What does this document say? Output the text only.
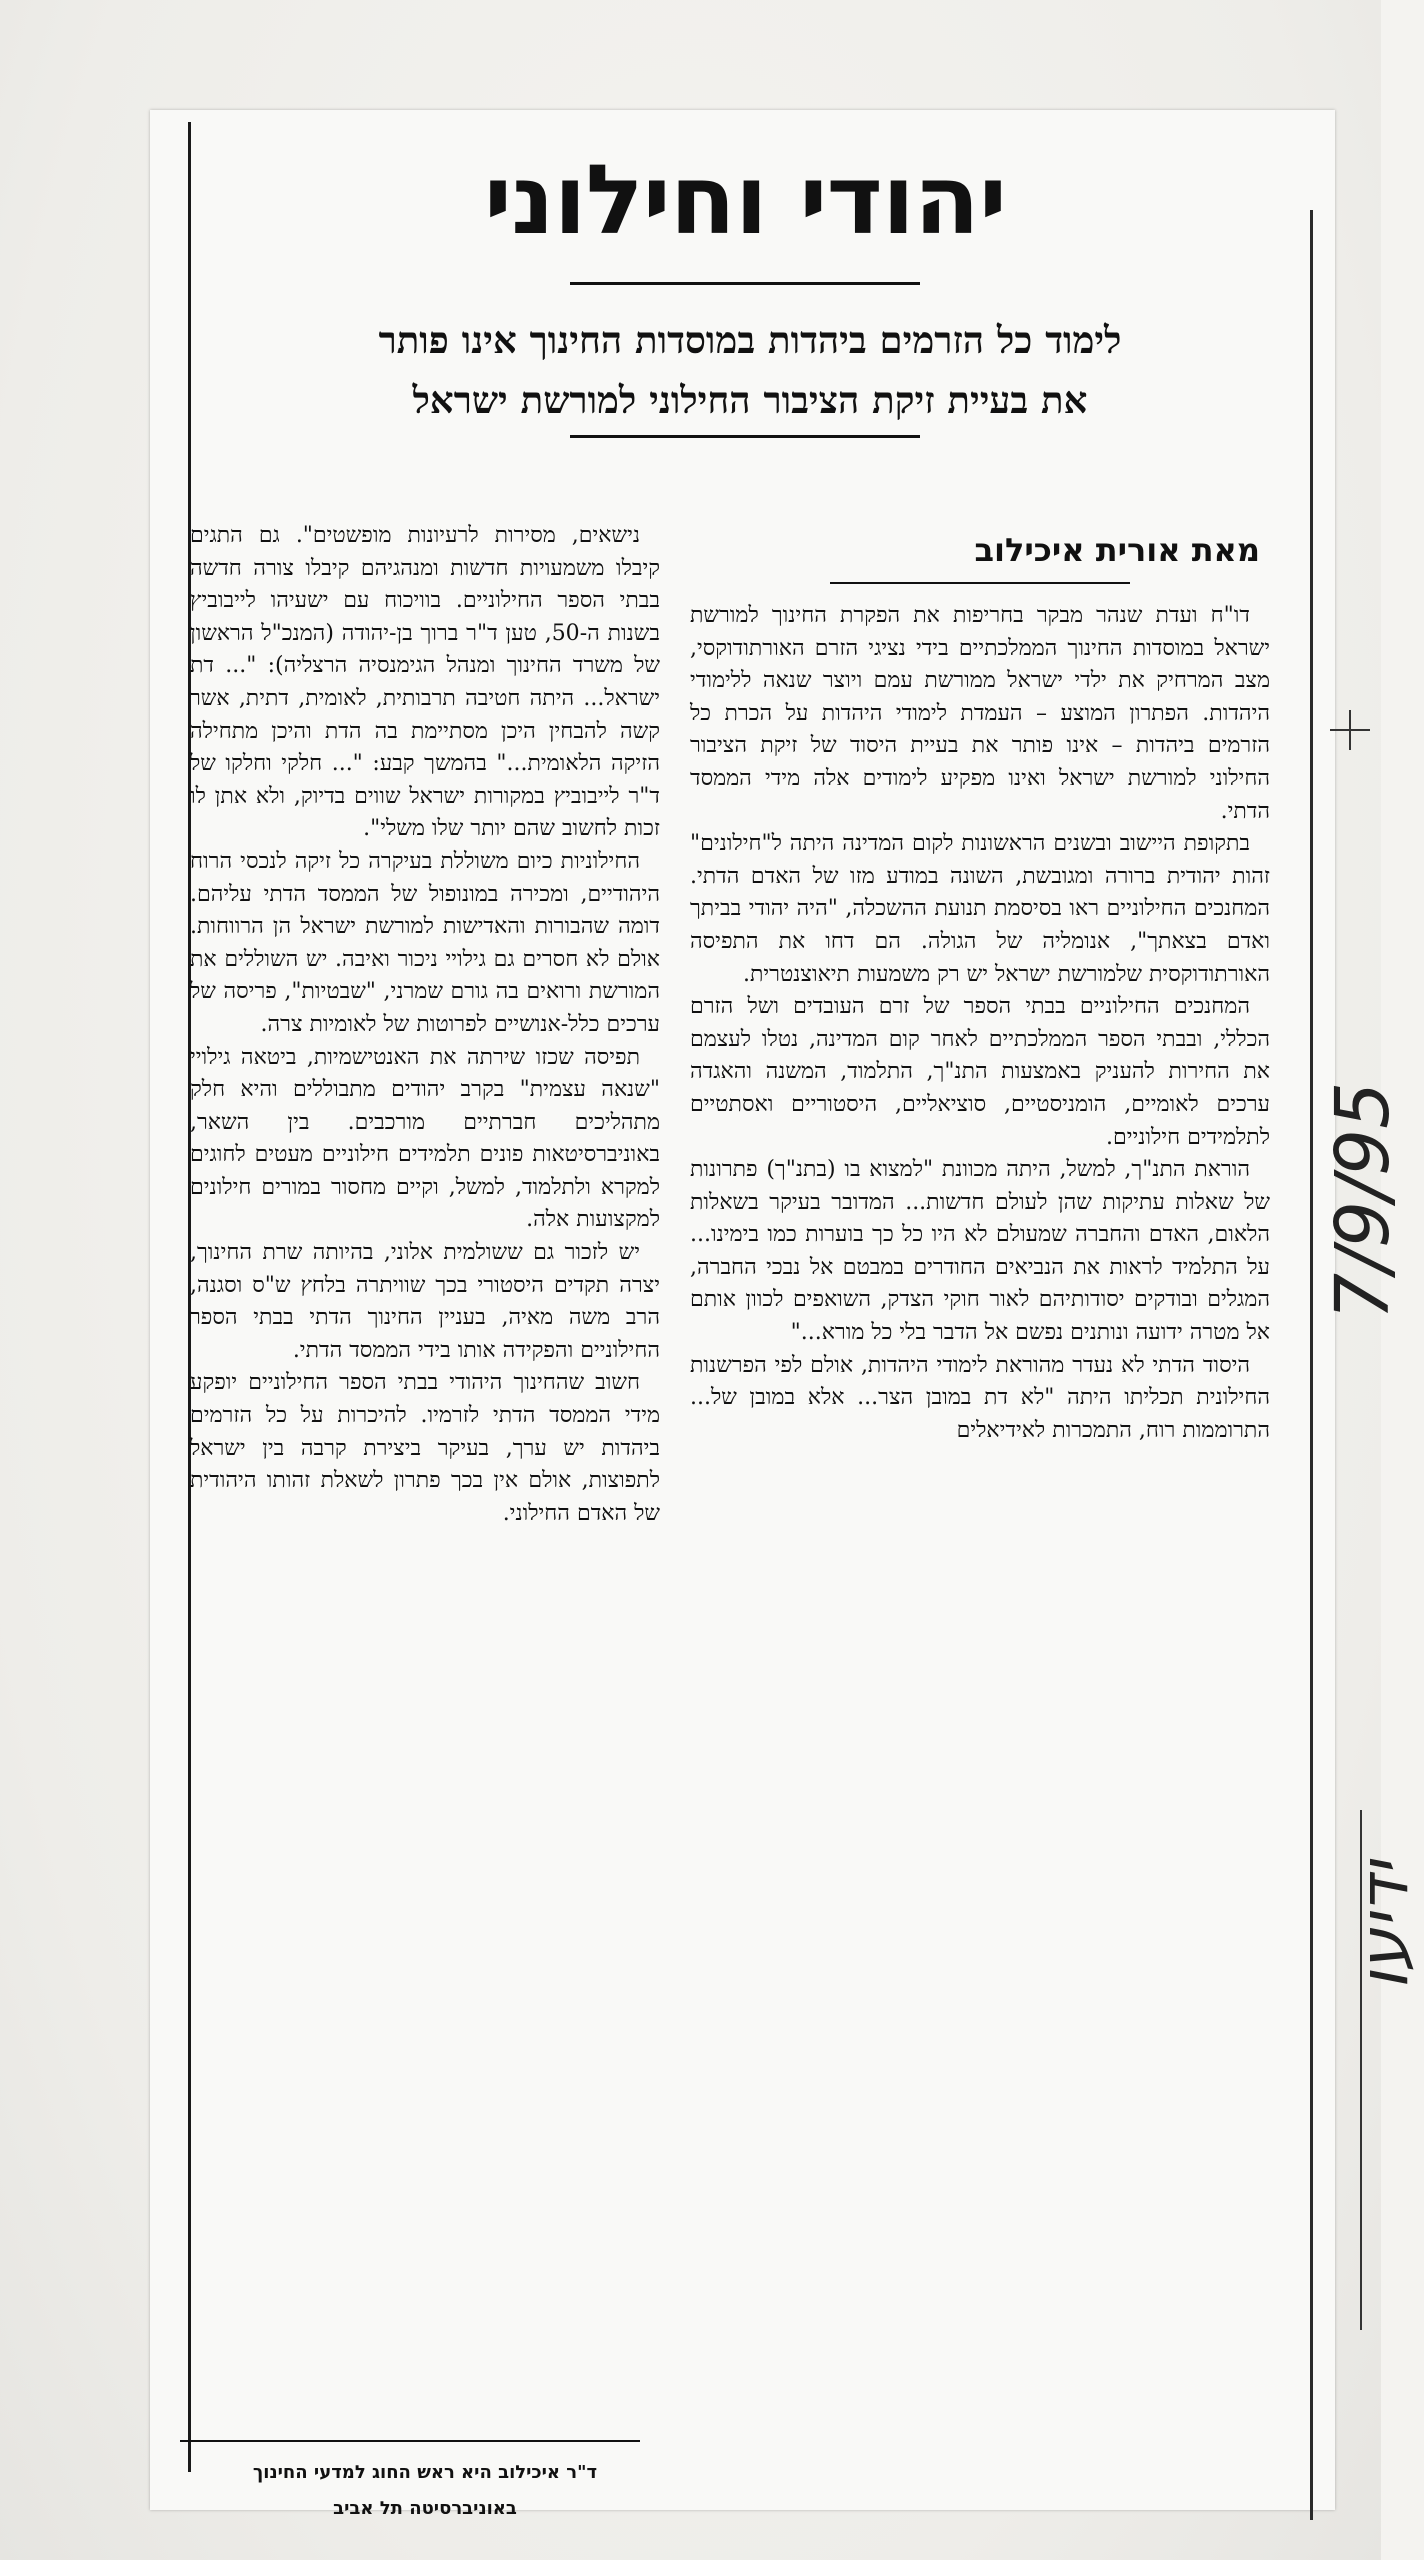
יהודי וחילוני
לימוד כל הזרמים ביהדות במוסדות החינוך אינו פותר
את בעיית זיקת הציבור החילוני למורשת ישראל
מאת אורית איכילוב

דו"ח ועדת שנהר מבקר בחריפות את הפקרת החינוך למורשת ישראל במוסדות החינוך הממלכתיים בידי נציגי הזרם האורתודוקסי, מצב המרחיק את ילדי ישראל ממורשת עמם ויוצר שנאה ללימודי היהדות. הפתרון המוצע – העמדת לימודי היהדות על הכרת כל הזרמים ביהדות – אינו פותר את בעיית היסוד של זיקת הציבור החילוני למורשת ישראל ואינו מפקיע לימודים אלה מידי הממסד הדתי.

בתקופת היישוב ובשנים הראשונות לקום המדינה היתה ל"חילונים" זהות יהודית ברורה ומגובשת, השונה במודע מזו של האדם הדתי. המחנכים החילוניים ראו בסיסמת תנועת ההשכלה, "היה יהודי בביתך ואדם בצאתך", אנומליה של הגולה. הם דחו את התפיסה האורתודוקסית שלמורשת ישראל יש רק משמעות תיאוצנטרית.

המחנכים החילוניים בבתי הספר של זרם העובדים ושל הזרם הכללי, ובבתי הספר הממלכתיים לאחר קום המדינה, נטלו לעצמם את החירות להעניק באמצעות התנ"ך, התלמוד, המשנה והאגדה ערכים לאומיים, הומניסטיים, סוציאליים, היסטוריים ואסתטיים לתלמידים חילוניים.

הוראת התנ"ך, למשל, היתה מכוונת "למצוא בו (בתנ"ך) פתרונות של שאלות עתיקות שהן לעולם חדשות... המדובר בעיקר בשאלות הלאום, האדם והחברה שמעולם לא היו כל כך בוערות כמו בימינו... על התלמיד לראות את הנביאים החודרים במבטם אל נבכי החברה, המגלים ובודקים יסודותיהם לאור חוקי הצדק, השואפים לכוון אותם אל מטרה ידועה ונותנים נפשם אל הדבר בלי כל מורא..."

היסוד הדתי לא נעדר מהוראת לימודי היהדות, אולם לפי הפרשנות החילונית תכליתו היתה "לא דת במובן הצר... אלא במובן של... התרוממות רוח, התמכרות לאידיאלים

נישאים, מסירות לרעיונות מופשטים". גם התגים קיבלו משמעויות חדשות ומנהגיהם קיבלו צורה חדשה בבתי הספר החילוניים. בוויכוח עם ישעיהו לייבוביץ בשנות ה-50, טען ד"ר ברוך בן-יהודה (המנכ"ל הראשון של משרד החינוך ומנהל הגימנסיה הרצליה): "... דת ישראל... היתה חטיבה תרבותית, לאומית, דתית, אשר קשה להבחין היכן מסתיימת בה הדת והיכן מתחילה הזיקה הלאומית..." בהמשך קבע: "... חלקי וחלקו של ד"ר לייבוביץ במקורות ישראל שווים בדיוק, ולא אתן לו זכות לחשוב שהם יותר שלו משלי".

החילוניות כיום משוללת בעיקרה כל זיקה לנכסי הרוח היהודיים, ומכירה במונופול של הממסד הדתי עליהם. דומה שהבורות והאדישות למורשת ישראל הן הרווחות. אולם לא חסרים גם גילויי ניכור ואיבה. יש השוללים את המורשת ורואים בה גורם שמרני, "שבטיות", פריסה של ערכים כלל-אנושיים לפרוטות של לאומיות צרה.

תפיסה שכזו שירתה את האנטישמיות, ביטאה גילויי "שנאה עצמית" בקרב יהודים מתבוללים והיא חלק מתהליכים חברתיים מורכבים. בין השאר, באוניברסיטאות פונים תלמידים חילוניים מעטים לחוגים למקרא ולתלמוד, למשל, וקיים מחסור במורים חילונים למקצועות אלה.

יש לזכור גם ששולמית אלוני, בהיותה שרת החינוך, יצרה תקדים היסטורי בכך שוויתרה בלחץ ש"ס וסגנה, הרב משה מאיה, בעניין החינוך הדתי בבתי הספר החילוניים והפקידה אותו בידי הממסד הדתי.

חשוב שהחינוך היהודי בבתי הספר החילוניים יופקע מידי הממסד הדתי לזרמיו. להיכרות על כל הזרמים ביהדות יש ערך, בעיקר ביצירת קרבה בין ישראל לתפוצות, אולם אין בכך פתרון לשאלת זהותו היהודית של האדם החילוני.

ד"ר איכילוב היא ראש החוג למדעי החינוך
באוניברסיטה תל אביב
7/9/95
ידיעו
